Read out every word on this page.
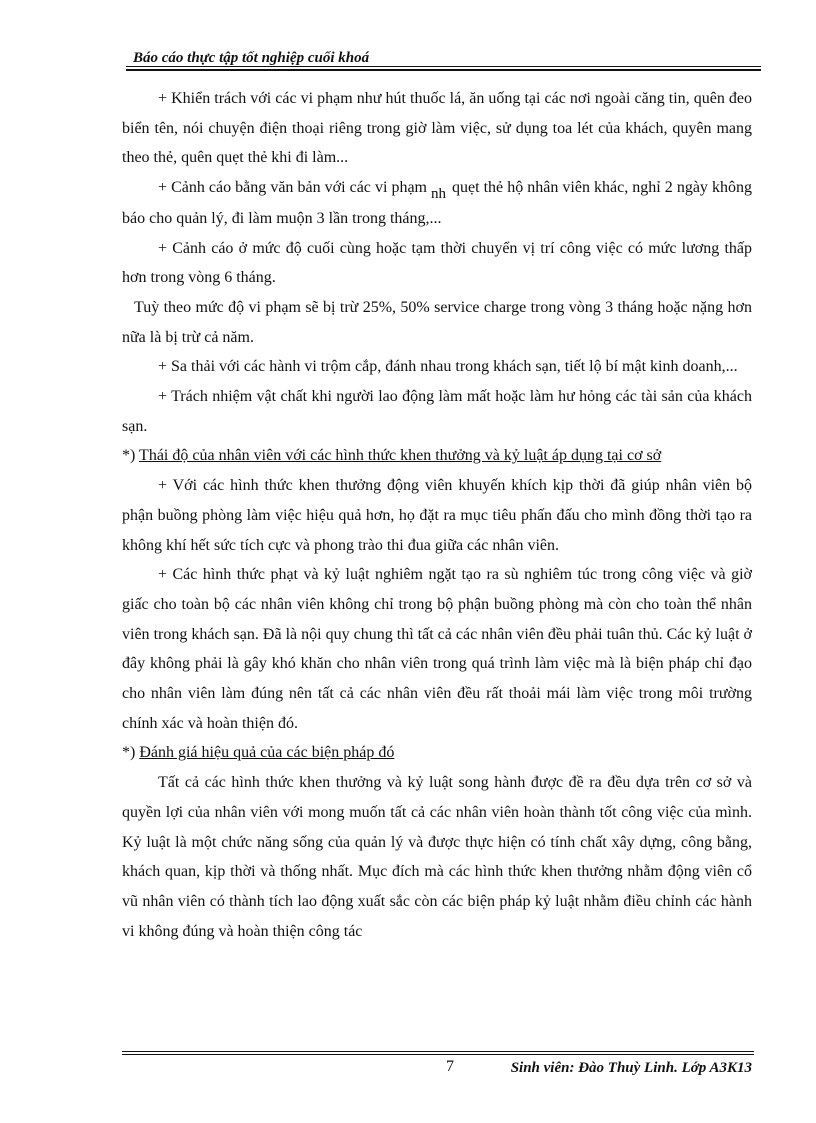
Báo cáo thực tập tốt nghiệp cuối khoá

+ Khiển trách với các vi phạm như hút thuốc lá, ăn uống tại các nơi ngoài căng tin, quên đeo biển tên, nói chuyện điện thoại riêng trong giờ làm việc, sử dụng toa lét của khách, quyên mang theo thẻ, quên quẹt thẻ khi đi làm...

+ Cảnh cáo bằng văn bản với các vi phạm nh quẹt thẻ hộ nhân viên khác, nghỉ 2 ngày không báo cho quản lý, đi làm muộn 3 lần trong tháng,...

+ Cảnh cáo ở mức độ cuối cùng hoặc tạm thời chuyển vị trí công việc có mức lương thấp hơn trong vòng 6 tháng.

Tuỳ theo mức độ vi phạm sẽ bị trừ 25%, 50% service charge trong vòng 3 tháng hoặc nặng hơn nữa là bị trừ cả năm.

+ Sa thải với các hành vi trộm cắp, đánh nhau trong khách sạn, tiết lộ bí mật kinh doanh,...

+ Trách nhiệm vật chất khi người lao động làm mất hoặc làm hư hỏng các tài sản của khách sạn.

*) Thái độ của nhân viên với các hình thức khen thưởng và kỷ luật áp dụng tại cơ sở

+ Với các hình thức khen thưởng động viên khuyến khích kịp thời đã giúp nhân viên bộ phận buồng phòng làm việc hiệu quả hơn, họ đặt ra mục tiêu phấn đấu cho mình đồng thời tạo ra không khí hết sức tích cực và phong trào thi đua giữa các nhân viên.

+ Các hình thức phạt và kỷ luật nghiêm ngặt tạo ra sù nghiêm túc trong công việc và giờ giấc cho toàn bộ các nhân viên không chỉ trong bộ phận buồng phòng mà còn cho toàn thể nhân viên trong khách sạn. Đã là nội quy chung thì tất cả các nhân viên đều phải tuân thủ. Các kỷ luật ở đây không phải là gây khó khăn cho nhân viên trong quá trình làm việc mà là biện pháp chỉ đạo cho nhân viên làm đúng nên tất cả các nhân viên đều rất thoải mái làm việc trong môi trường chính xác và hoàn thiện đó.

*) Đánh giá hiệu quả của các biện pháp đó

Tất cả các hình thức khen thưởng và kỷ luật song hành được đề ra đều dựa trên cơ sở và quyền lợi của nhân viên với mong muốn tất cả các nhân viên hoàn thành tốt công việc của mình. Kỷ luật là một chức năng sống của quản lý và được thực hiện có tính chất xây dựng, công bằng, khách quan, kịp thời và thống nhất. Mục đích mà các hình thức khen thưởng nhằm động viên cổ vũ nhân viên có thành tích lao động xuất sắc còn các biện pháp kỷ luật nhằm điều chỉnh các hành vi không đúng và hoàn thiện công tác

7	Sinh viên: Đào Thuỳ Linh. Lớp A3K13
